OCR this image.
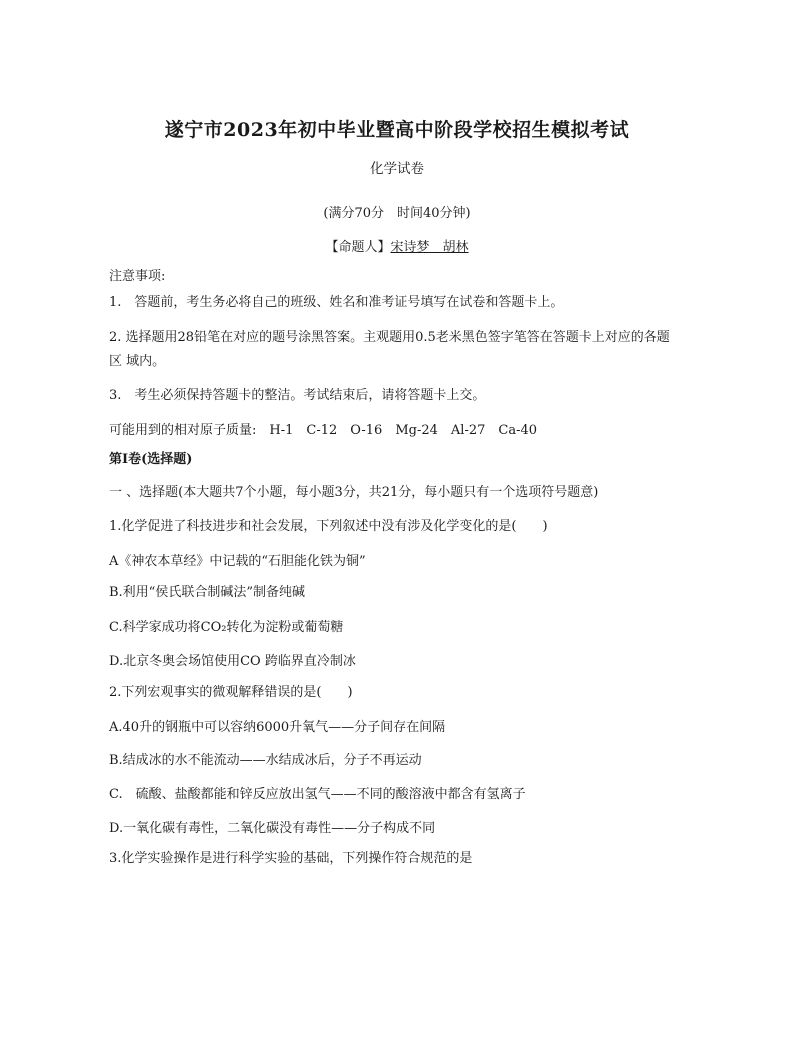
遂宁市2023年初中毕业暨高中阶段学校招生模拟考试
化学试卷
(满分70分　时间40分钟)
【命题人】宋诗梦　胡林
注意事项:
1.　答题前，考生务必将自己的班级、姓名和准考证号填写在试卷和答题卡上。
2. 选择题用28铅笔在对应的题号涂黑答案。主观题用0.5老米黑色签字笔答在答题卡上对应的各题区 域内。
3.　考生必须保持答题卡的整洁。考试结束后，请将答题卡上交。
可能用到的相对原子质量:　H-1　C-12　O-16　Mg-24　Al-27　Ca-40
第Ⅰ卷(选择题)
一 、选择题(本大题共7个小题，每小题3分，共21分，每小题只有一个选项符号题意)
1.化学促进了科技进步和社会发展，下列叙述中没有涉及化学变化的是(　　)
A《神农本草经》中记载的“石胆能化铁为铜”
B.利用“侯氏联合制碱法”制备纯碱
C.科学家成功将CO₂转化为淀粉或葡萄糖
D.北京冬奥会场馆使用CO 跨临界直冷制冰
2.下列宏观事实的微观解释错误的是(　　)
A.40升的钢瓶中可以容纳6000升氧气——分子间存在间隔
B.结成冰的水不能流动——水结成冰后，分子不再运动
C.　硫酸、盐酸都能和锌反应放出氢气——不同的酸溶液中都含有氢离子
D.一氧化碳有毒性，二氧化碳没有毒性——分子构成不同
3.化学实验操作是进行科学实验的基础，下列操作符合规范的是
